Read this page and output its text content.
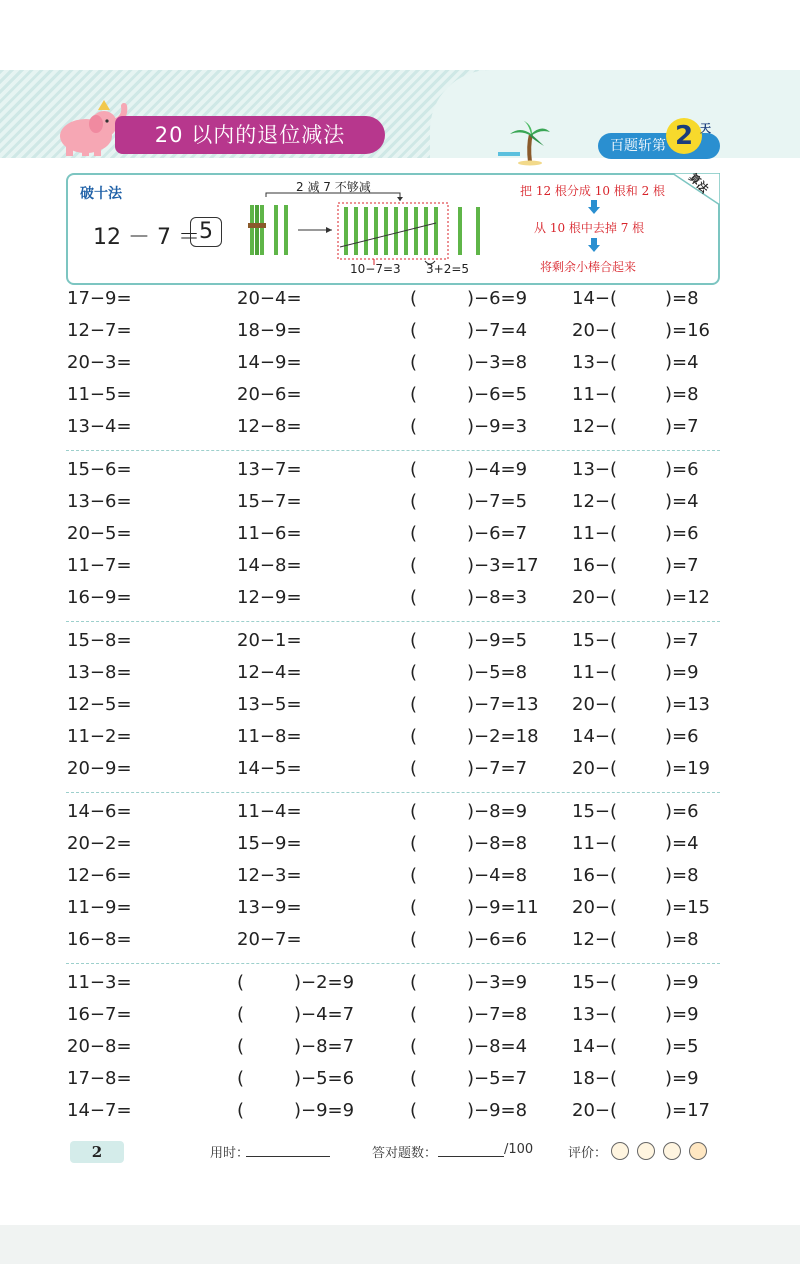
20 以内的退位减法	百题斩第 2 天
破十法
12 － 7 ＝ 5
2 减 7 不够减
10−7=3 3+2=5
把 12 根分成 10 根和 2 根
从 10 根中去掉 7 根
将剩余小棒合起来
算法
17−9=	20−4=	(	)−6=9 14−(	)=8
12−7=	18−9=	(	)−7=4 20−(	)=16
20−3=	14−9=	(	)−3=8 13−(	)=4
11−5=	20−6=	(	)−6=5 11−(	)=8
13−4=	12−8=	(	)−9=3 12−(	)=7
15−6=	13−7=	(	)−4=9 13−(	)=6
13−6=	15−7=	(	)−7=5 12−(	)=4
20−5=	11−6=	(	)−6=7 11−(	)=6
11−7=	14−8=	(	)−3=17 16−(	)=7
16−9=	12−9=	(	)−8=3 20−(	)=12
15−8=	20−1=	(	)−9=5 15−(	)=7
13−8=	12−4=	(	)−5=8 11−(	)=9
12−5=	13−5=	(	)−7=13 20−(	)=13
11−2=	11−8=	(	)−2=18 14−(	)=6
20−9=	14−5=	(	)−7=7 20−(	)=19
14−6=	11−4=	(	)−8=9 15−(	)=6
20−2=	15−9=	(	)−8=8 11−(	)=4
12−6=	12−3=	(	)−4=8 16−(	)=8
11−9=	13−9=	(	)−9=11 20−(	)=15
16−8=	20−7=	(	)−6=6 12−(	)=8
11−3=	(	)−2=9	(	)−3=9 15−(	)=9
16−7=	(	)−4=7	(	)−7=8 13−(	)=9
20−8=	(	)−8=7	(	)−8=4 14−(	)=5
17−8=	(	)−5=6	(	)−5=7 18−(	)=9
14−7=	(	)−9=9	(	)−9=8 20−(	)=17
2	用时：	答对题数：	/100	评价：
